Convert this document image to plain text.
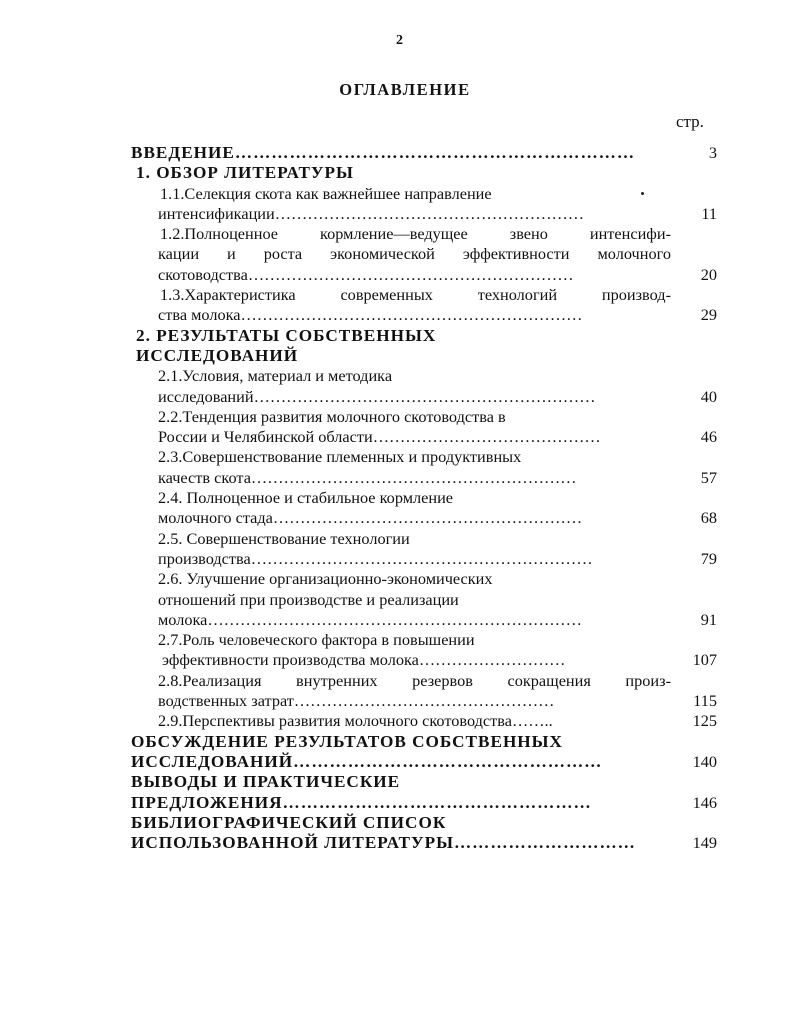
2
ОГЛАВЛЕНИЕ
стр.
ВВЕДЕНИЕ…………………………………………………………	3
1. ОБЗОР ЛИТЕРАТУРЫ
1.1.Селекция скота как важнейшее направление
интенсификации…………………………………………………	11
1.2.Полноценное кормление—ведущее звено интенсифи-
кации и роста экономической эффективности молочного
скотоводства……………………………………………………	20
1.3.Характеристика современных технологий производ-
ства молока………………………………………………………	29
2. РЕЗУЛЬТАТЫ СОБСТВЕННЫХ
ИССЛЕДОВАНИЙ
2.1.Условия, материал и методика
исследований………………………………………………………	40
2.2.Тенденция развития молочного скотоводства в
России и Челябинской области……………………………………	46
2.3.Совершенствование племенных и продуктивных
качеств скота……………………………………………………	57
2.4. Полноценное и стабильное кормление
молочного стада…………………………………………………	68
2.5. Совершенствование технологии
производства………………………………………………………	79
2.6. Улучшение организационно-экономических
отношений при производстве и реализации
молока……………………………………………………………	91
2.7.Роль человеческого фактора в повышении
эффективности производства молока………………………	107
2.8.Реализация внутренних резервов сокращения произ-
водственных затрат…………………………………………	115
2.9.Перспективы развития молочного скотоводства……..	125
ОБСУЖДЕНИЕ РЕЗУЛЬТАТОВ СОБСТВЕННЫХ
ИССЛЕДОВАНИЙ……………………………………………	140
ВЫВОДЫ И ПРАКТИЧЕСКИЕ
ПРЕДЛОЖЕНИЯ……………………………………………	146
БИБЛИОГРАФИЧЕСКИЙ СПИСОК
ИСПОЛЬЗОВАННОЙ ЛИТЕРАТУРЫ…………………………	149
